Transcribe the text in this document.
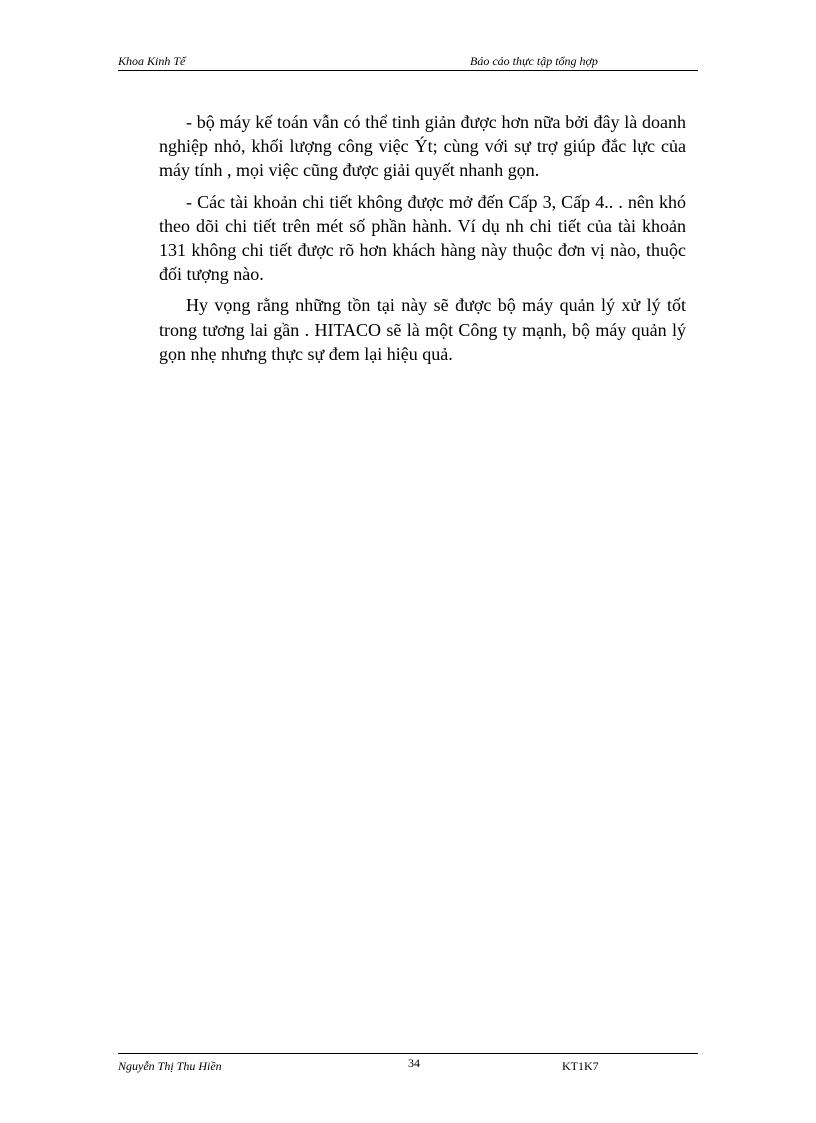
Khoa Kinh Tế	Báo cáo thực tập tổng hợp

- bộ máy kế toán vẫn có thể tinh giản được hơn nữa bởi đây là doanh nghiệp nhỏ, khối lượng công việc Ýt; cùng với sự trợ giúp đắc lực của máy tính , mọi việc cũng được giải quyết nhanh gọn.

- Các tài khoản chi tiết không được mở đến Cấp 3, Cấp 4.. . nên khó theo dõi chi tiết trên mét số phần hành. Ví dụ nh chi tiết của tài khoản 131 không chi tiết được rõ hơn khách hàng này thuộc đơn vị nào, thuộc đối tượng nào.

Hy vọng rằng những tồn tại này sẽ được bộ máy quản lý xử lý tốt trong tương lai gần . HITACO sẽ là một Công ty mạnh, bộ máy quản lý gọn nhẹ nhưng thực sự đem lại hiệu quả.

Nguyễn Thị Thu Hiền	34	KT1K7
